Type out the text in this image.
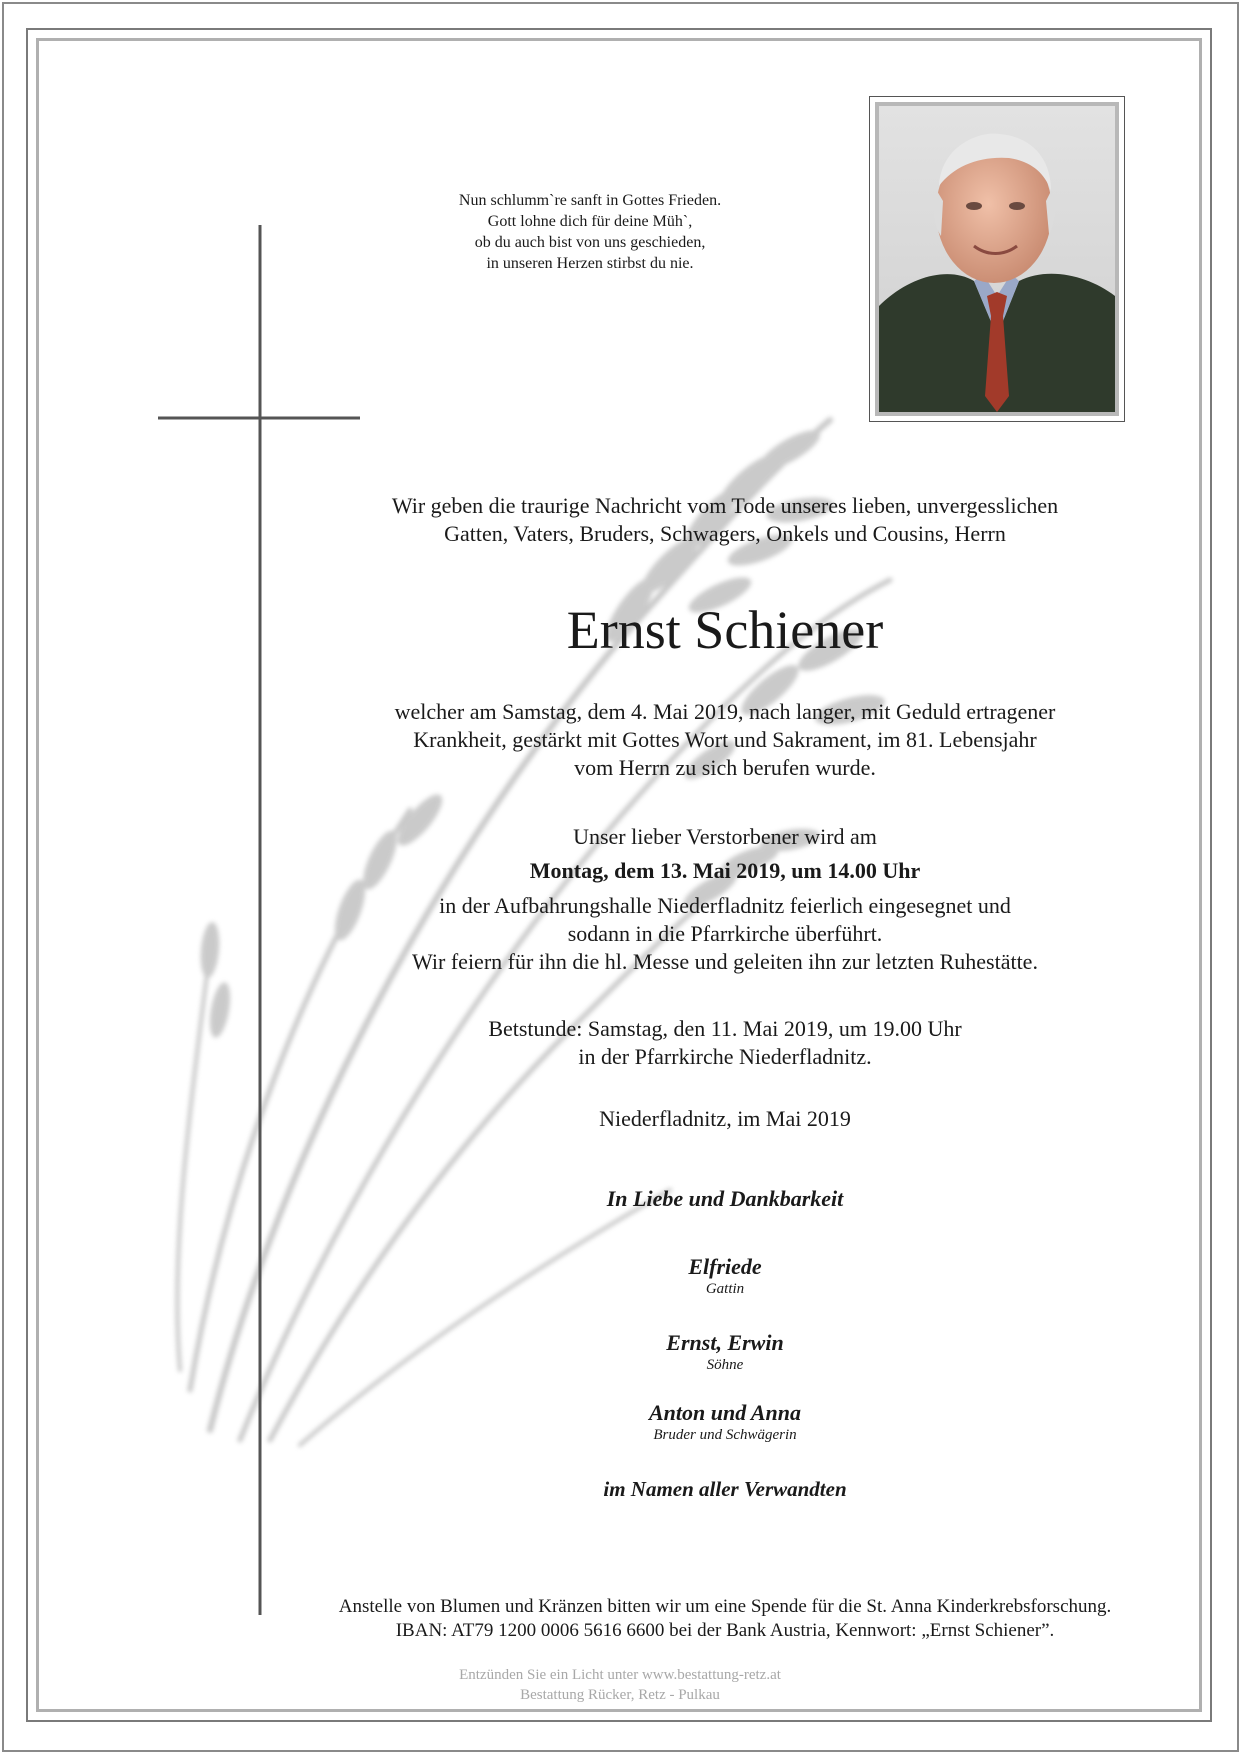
Nun schlumm`re sanft in Gottes Frieden.
Gott lohne dich für deine Müh`,
ob du auch bist von uns geschieden,
in unseren Herzen stirbst du nie.
Wir geben die traurige Nachricht vom Tode unseres lieben, unvergesslichen
Gatten, Vaters, Bruders, Schwagers, Onkels und Cousins, Herrn
Ernst Schiener
welcher am Samstag, dem 4. Mai 2019, nach langer, mit Geduld ertragener
Krankheit, gestärkt mit Gottes Wort und Sakrament, im 81. Lebensjahr
vom Herrn zu sich berufen wurde.
Unser lieber Verstorbener wird am
Montag, dem 13. Mai 2019, um 14.00 Uhr
in der Aufbahrungshalle Niederfladnitz feierlich eingesegnet und
sodann in die Pfarrkirche überführt.
Wir feiern für ihn die hl. Messe und geleiten ihn zur letzten Ruhestätte.
Betstunde: Samstag, den 11. Mai 2019, um 19.00 Uhr
in der Pfarrkirche Niederfladnitz.
Niederfladnitz, im Mai 2019
In Liebe und Dankbarkeit
Elfriede
Gattin
Ernst, Erwin
Söhne
Anton und Anna
Bruder und Schwägerin
im Namen aller Verwandten
Anstelle von Blumen und Kränzen bitten wir um eine Spende für die St. Anna Kinderkrebsforschung.
IBAN: AT79 1200 0006 5616 6600 bei der Bank Austria, Kennwort: „Ernst Schiener”.
Entzünden Sie ein Licht unter www.bestattung-retz.at
Bestattung Rücker, Retz - Pulkau
